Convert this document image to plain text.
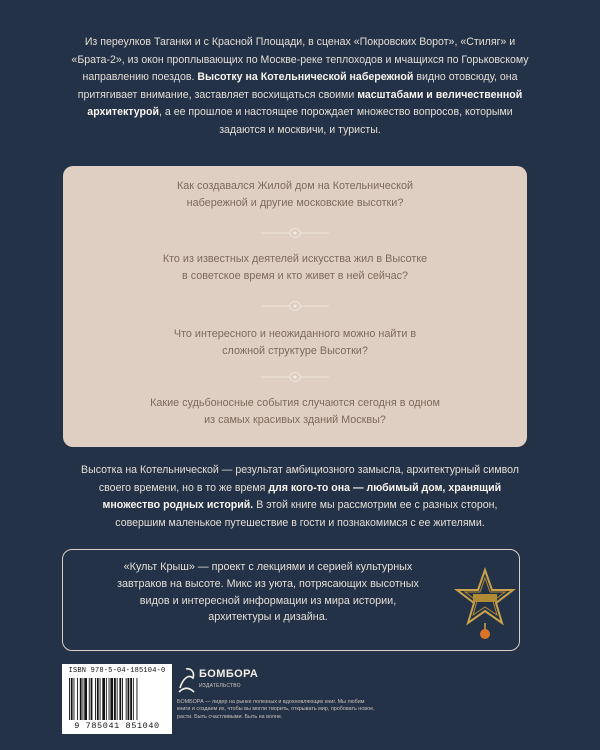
Из переулков Таганки и с Красной Площади, в сценах «Покровских Ворот», «Стиляг» и «Брата-2», из окон проплывающих по Москве-реке теплоходов и мчащихся по Горьковскому направлению поездов. Высотку на Котельнической набережной видно отовсюду, она притягивает внимание, заставляет восхищаться своими масштабами и величественной архитектурой, а ее прошлое и настоящее порождает множество вопросов, которыми задаются и москвичи, и туристы.
Как создавался Жилой дом на Котельнической набережной и другие московские высотки?
Кто из известных деятелей искусства жил в Высотке в советское время и кто живет в ней сейчас?
Что интересного и неожиданного можно найти в сложной структуре Высотки?
Какие судьбоносные события случаются сегодня в одном из самых красивых зданий Москвы?
Высотка на Котельнической — результат амбициозного замысла, архитектурный символ своего времени, но в то же время для кого-то она — любимый дом, хранящий множество родных историй. В этой книге мы рассмотрим ее с разных сторон, совершим маленькое путешествие в гости и познакомимся с ее жителями.
«Культ Крыш» — проект с лекциями и серией культурных завтраков на высоте. Микс из уюта, потрясающих высотных видов и интересной информации из мира истории, архитектуры и дизайна.
ISBN 978-5-04-185104-0
9 785041 851040
БОМБОРА
ИЗДАТЕЛЬСТВО
БОМБОРА — лидер на рынке полезных и вдохновляющих книг. Мы любим книги и создаем их, чтобы вы могли творить, открывать мир, пробовать новое, расти. Быть счастливыми. Быть на волне.
